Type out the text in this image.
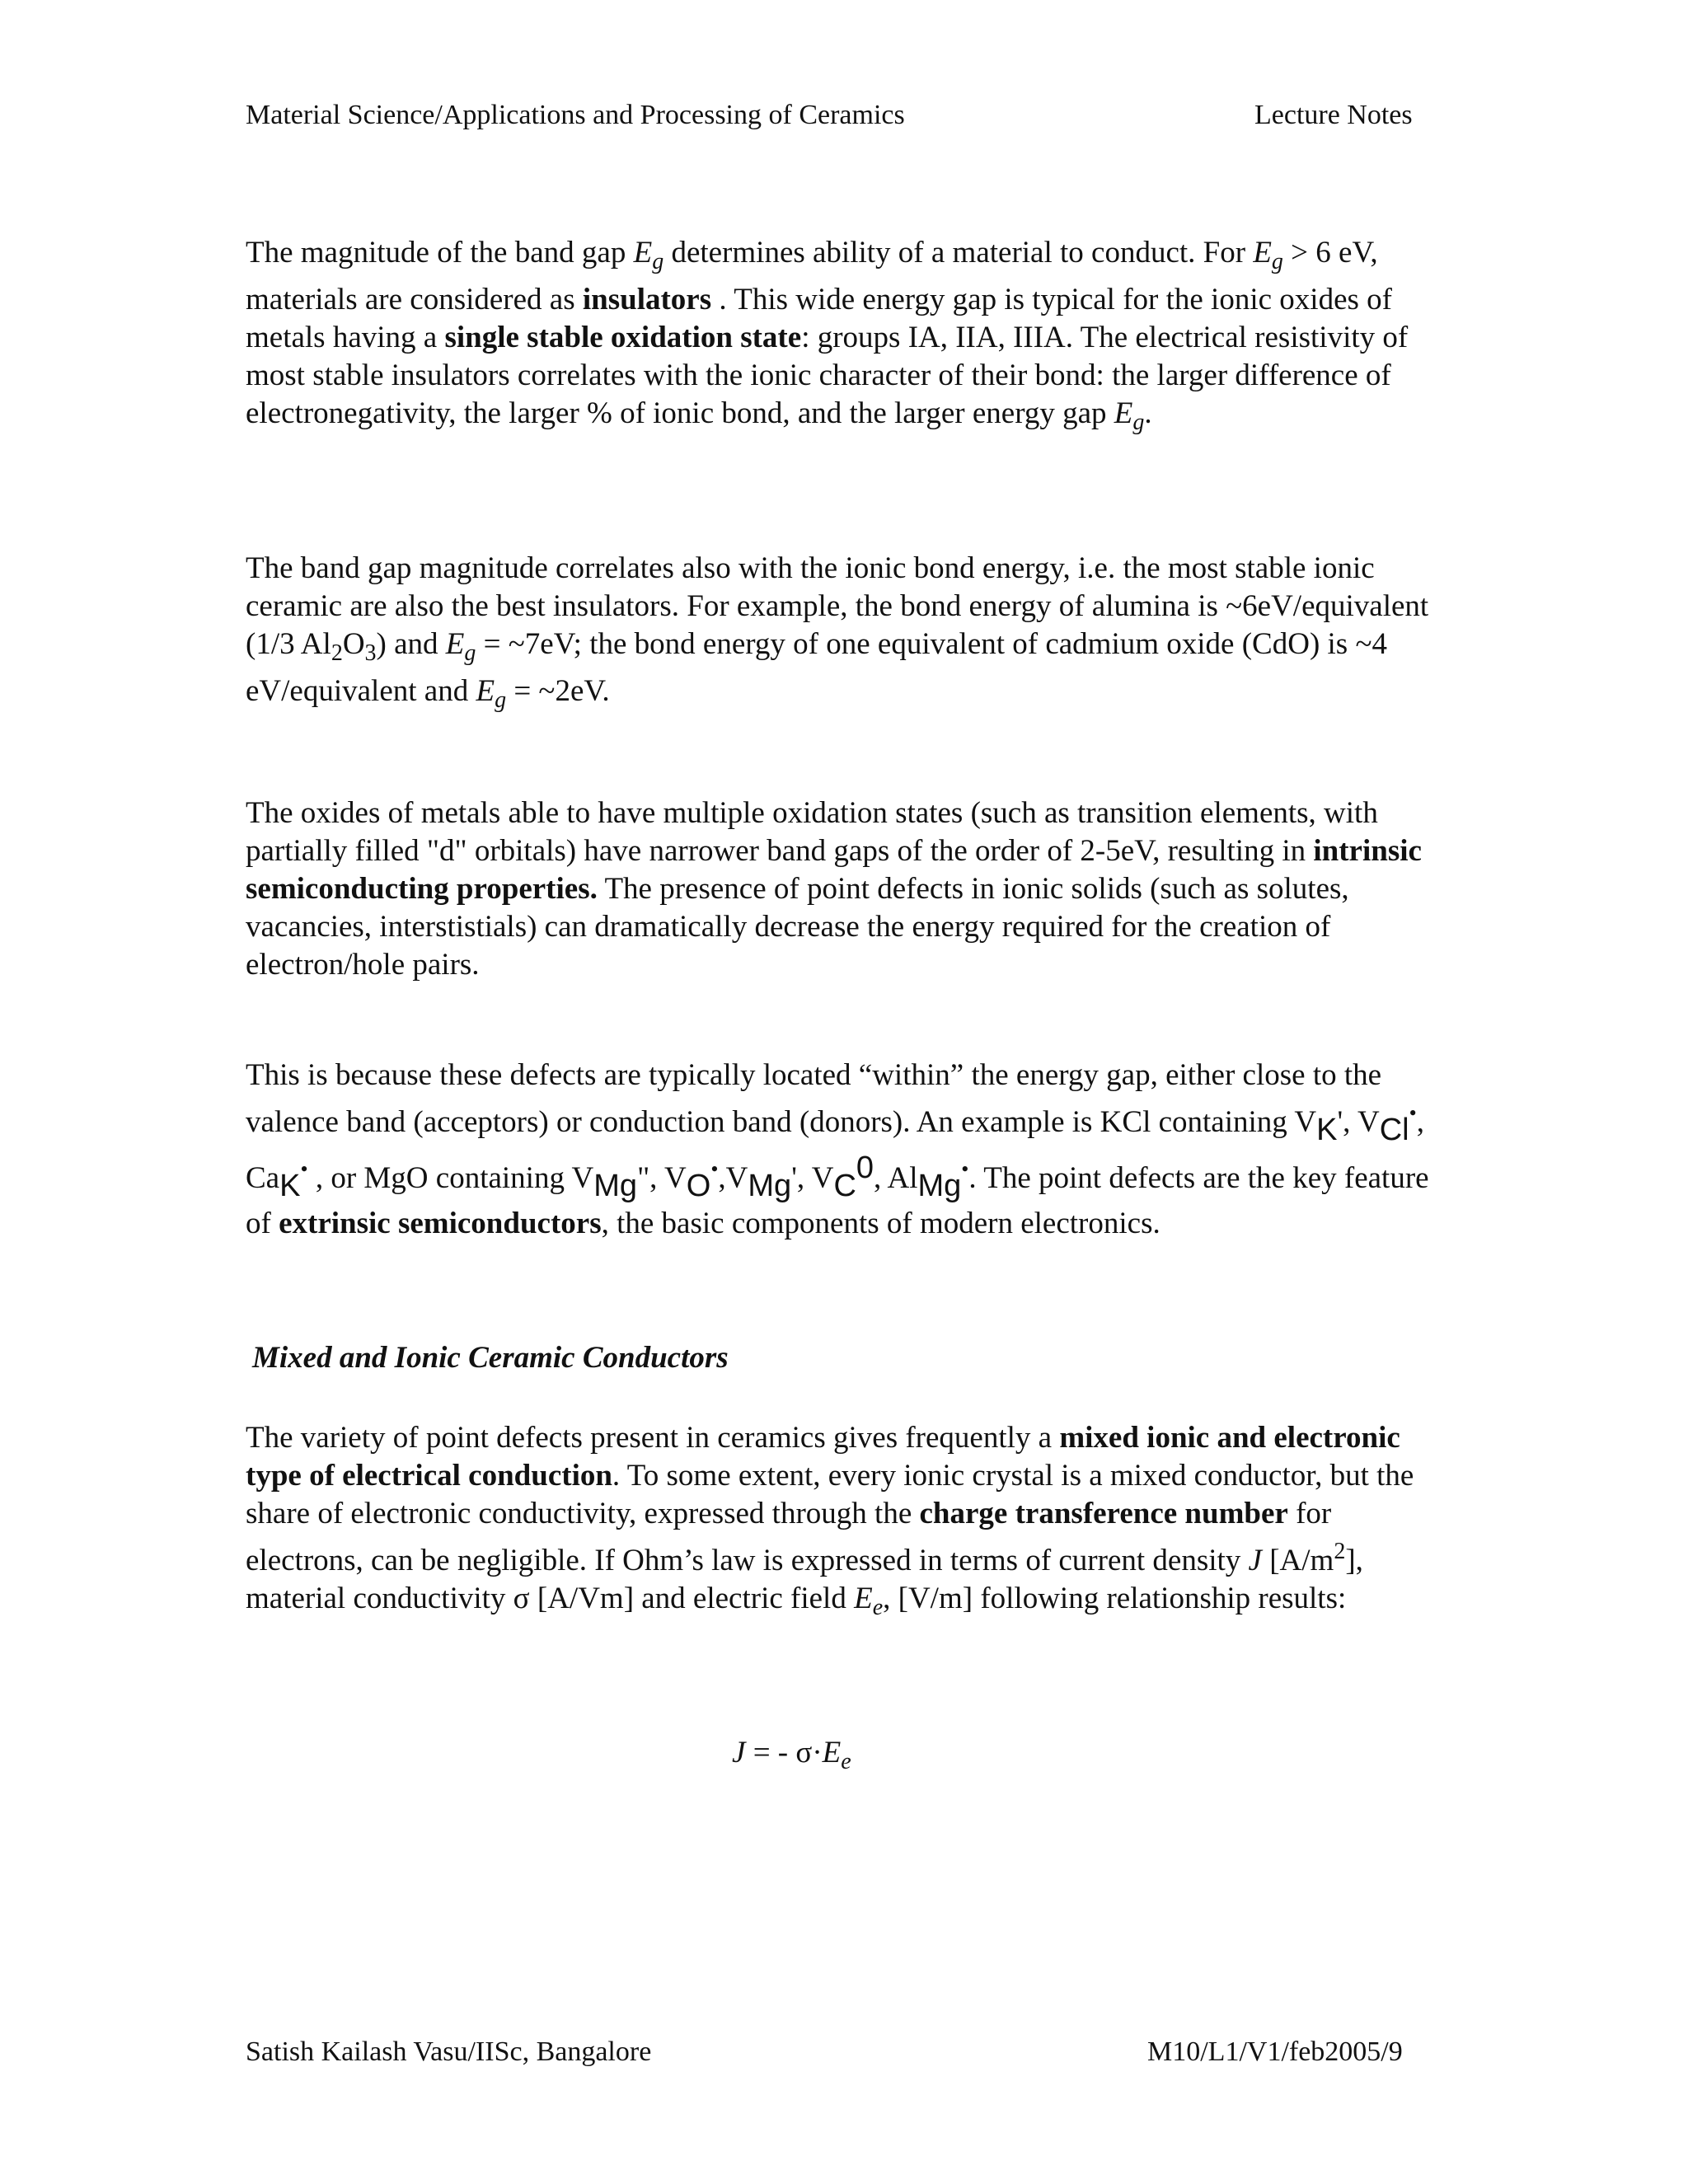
Material Science/Applications and Processing of Ceramics	Lecture Notes

The magnitude of the band gap $E_g$ determines ability of a material to conduct. For $E_g > 6$ eV, materials are considered as insulators . This wide energy gap is typical for the ionic oxides of metals having a single stable oxidation state: groups IA, IIA, IIIA. The electrical resistivity of most stable insulators correlates with the ionic character of their bond: the larger difference of electronegativity, the larger % of ionic bond, and the larger energy gap $E_g$.

The band gap magnitude correlates also with the ionic bond energy, i.e. the most stable ionic ceramic are also the best insulators. For example, the bond energy of alumina is ~6eV/equivalent (1/3 $Al_2O_3$) and $E_g$ = ~7eV; the bond energy of one equivalent of cadmium oxide (CdO) is ~4 eV/equivalent and $E_g$ = ~2eV.

The oxides of metals able to have multiple oxidation states (such as transition elements, with partially filled "d" orbitals) have narrower band gaps of the order of 2-5eV, resulting in intrinsic semiconducting properties. The presence of point defects in ionic solids (such as solutes, vacancies, interstistials) can dramatically decrease the energy required for the creation of electron/hole pairs.

This is because these defects are typically located “within” the energy gap, either close to the valence band (acceptors) or conduction band (donors). An example is KCl containing VK', VCl•, CaK• , or MgO containing VMg", VO•,VMg', VC0, AlMg•. The point defects are the key feature of extrinsic semiconductors, the basic components of modern electronics.

Mixed and Ionic Ceramic Conductors

The variety of point defects present in ceramics gives frequently a mixed ionic and electronic type of electrical conduction. To some extent, every ionic crystal is a mixed conductor, but the share of electronic conductivity, expressed through the charge transference number for electrons, can be negligible. If Ohm’s law is expressed in terms of current density J $[A/m^2]$, material conductivity σ [A/Vm] and electric field $E_e$, [V/m] following relationship results:

J = - $\sigma\cdot E_e$
Satish Kailash Vasu/IISc, Bangalore	M10/L1/V1/feb2005/9
